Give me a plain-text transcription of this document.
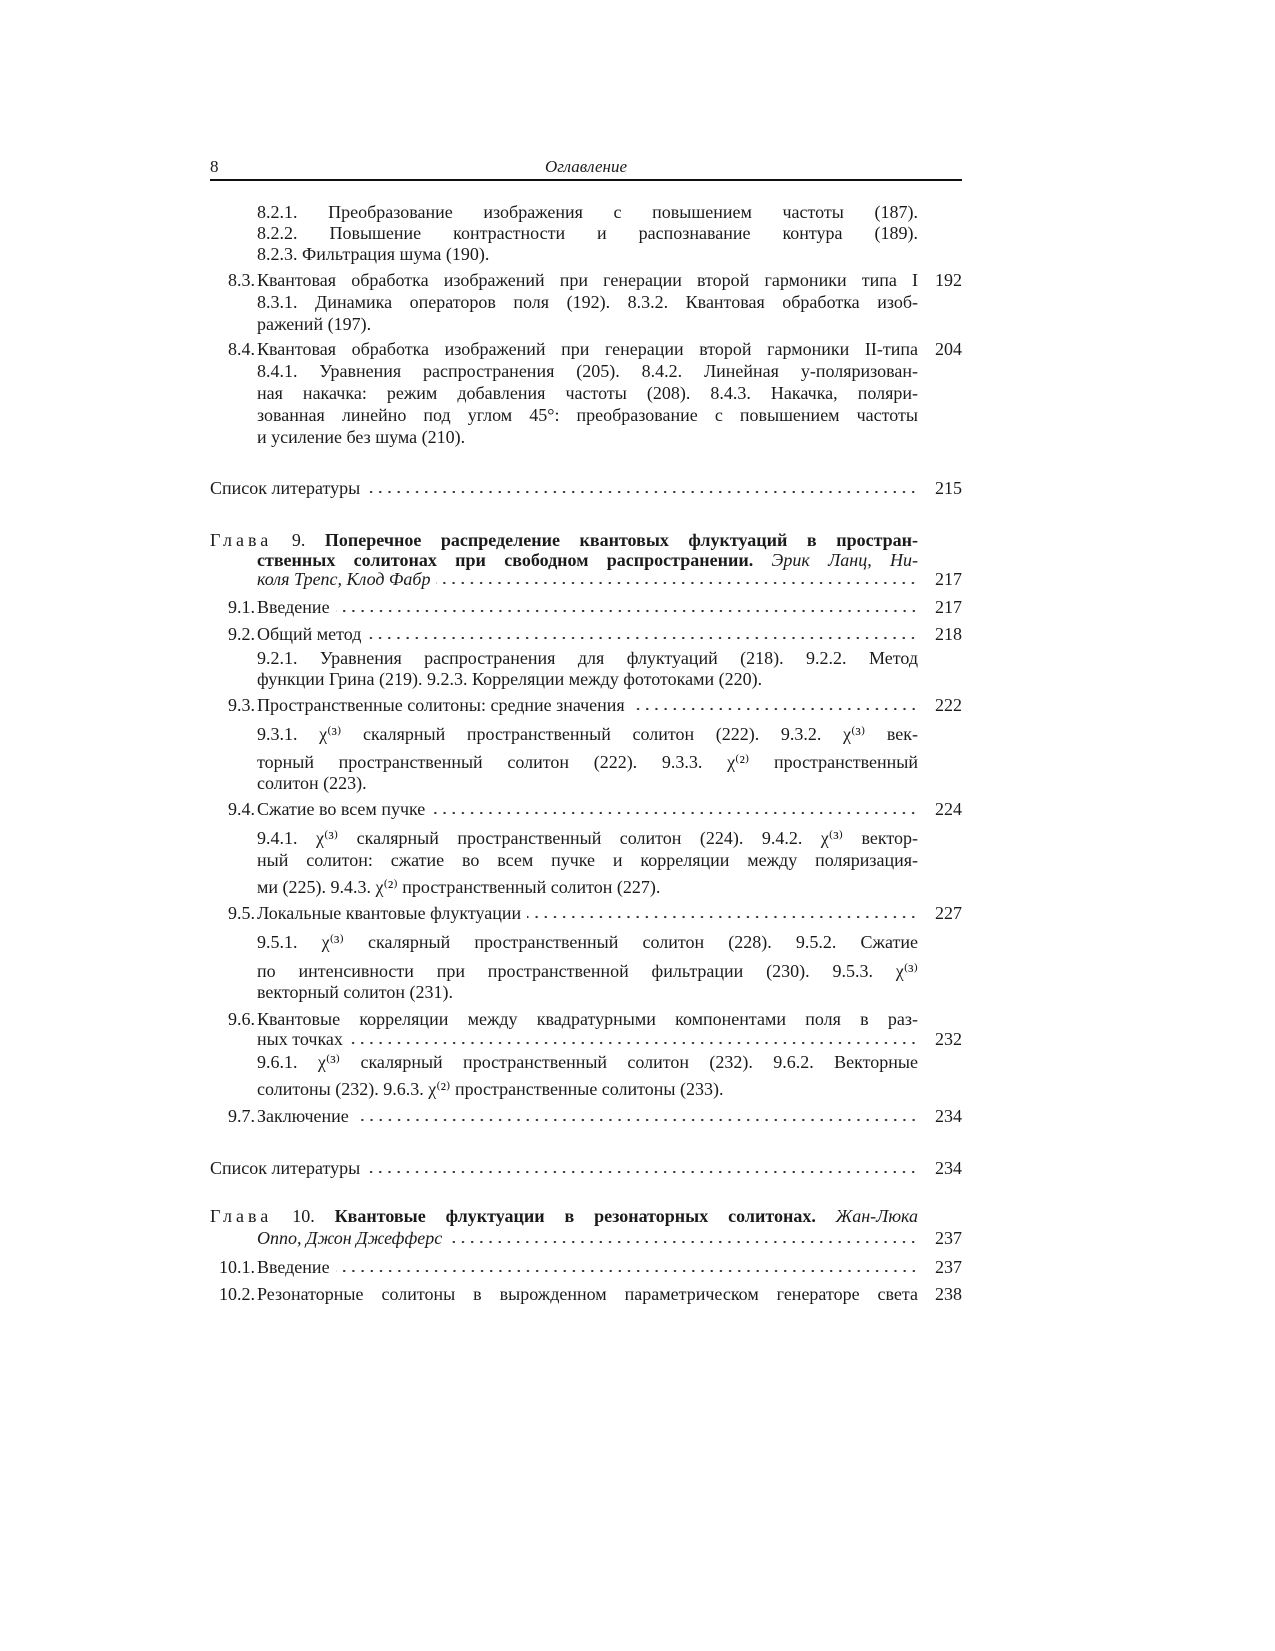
8	Оглавление
8.2.1. Преобразование изображения с повышением частоты (187).
8.2.2. Повышение контрастности и распознавание контура (189).
8.2.3. Фильтрация шума (190).
8.3. Квантовая обработка изображений при генерации второй гармоники типа I 192
8.3.1. Динамика операторов поля (192). 8.3.2. Квантовая обработка изоб-
ражений (197).
8.4. Квантовая обработка изображений при генерации второй гармоники II-типа 204
8.4.1. Уравнения распространения (205). 8.4.2. Линейная y-поляризован-
ная накачка: режим добавления частоты (208). 8.4.3. Накачка, поляри-
зованная линейно под углом 45°: преобразование с повышением частоты
и усиление без шума (210).
Список литературы	215
Глава 9. Поперечное распределение квантовых флуктуаций в простран-
ственных солитонах при свободном распространении. Эрик Ланц, Ни-
коля Трепс, Клод Фабр	217
9.1. Введение	217
9.2. Общий метод	218
9.2.1. Уравнения распространения для флуктуаций (218). 9.2.2. Метод
функции Грина (219). 9.2.3. Корреляции между фототоками (220).
9.3. Пространственные солитоны: средние значения	222
9.3.1. χ⁽³⁾ скалярный пространственный солитон (222). 9.3.2. χ⁽³⁾ век-
торный пространственный солитон (222). 9.3.3. χ⁽²⁾ пространственный
солитон (223).
9.4. Сжатие во всем пучке	224
9.4.1. χ⁽³⁾ скалярный пространственный солитон (224). 9.4.2. χ⁽³⁾ вектор-
ный солитон: сжатие во всем пучке и корреляции между поляризация-
ми (225). 9.4.3. χ⁽²⁾ пространственный солитон (227).
9.5. Локальные квантовые флуктуации	227
9.5.1. χ⁽³⁾ скалярный пространственный солитон (228). 9.5.2. Сжатие
по интенсивности при пространственной фильтрации (230). 9.5.3. χ⁽³⁾
векторный солитон (231).
9.6. Квантовые корреляции между квадратурными компонентами поля в раз-
ных точках	232
9.6.1. χ⁽³⁾ скалярный пространственный солитон (232). 9.6.2. Векторные
солитоны (232). 9.6.3. χ⁽²⁾ пространственные солитоны (233).
9.7. Заключение	234
Список литературы	234
Глава 10. Квантовые флуктуации в резонаторных солитонах. Жан-Люка
Оппо, Джон Джефферс	237
10.1. Введение	237
10.2. Резонаторные солитоны в вырожденном параметрическом генераторе света 238
